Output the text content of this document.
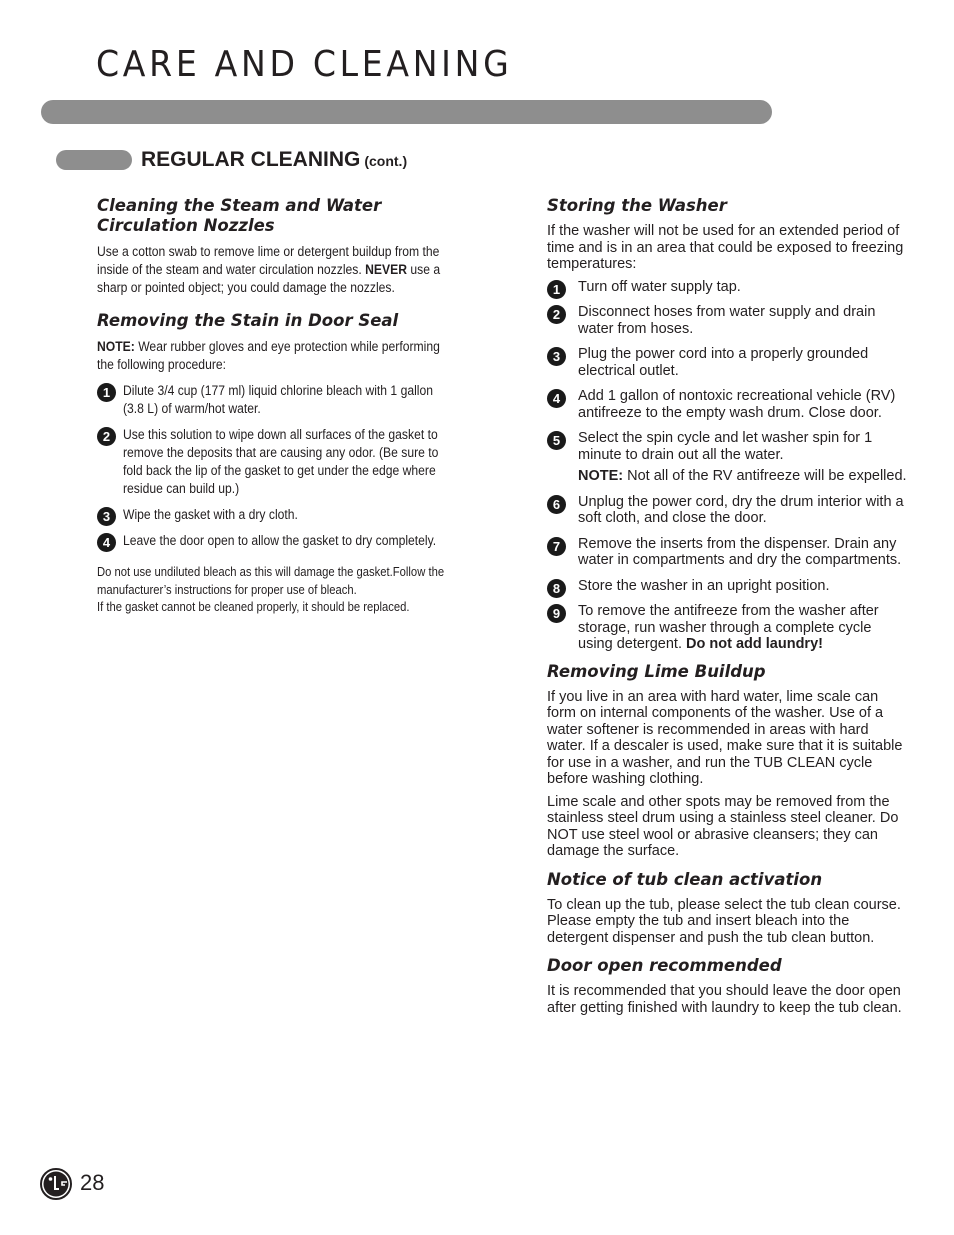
CARE AND CLEANING
REGULAR CLEANING (cont.)
Cleaning the Steam and Water
Circulation Nozzles

Use a cotton swab to remove lime or detergent buildup from the inside of the steam and water circulation nozzles. NEVER use a sharp or pointed object; you could damage the nozzles.

Removing the Stain in Door Seal

NOTE: Wear rubber gloves and eye protection while performing the following procedure:

1 Dilute 3/4 cup (177 ml) liquid chlorine bleach with 1 gallon (3.8 L) of warm/hot water.
2 Use this solution to wipe down all surfaces of the gasket to remove the deposits that are causing any odor. (Be sure to fold back the lip of the gasket to get under the edge where residue can build up.)
3 Wipe the gasket with a dry cloth.
4 Leave the door open to allow the gasket to dry completely.

Do not use undiluted bleach as this will damage the gasket.Follow the manufacturer’s instructions for proper use of bleach.

If the gasket cannot be cleaned properly, it should be replaced.

Storing the Washer

If the washer will not be used for an extended period of time and is in an area that could be exposed to freezing temperatures:

1	Turn off water supply tap.
2	Disconnect hoses from water supply and drain water from hoses.
3	Plug the power cord into a properly grounded electrical outlet.
4	Add 1 gallon of nontoxic recreational vehicle (RV) antifreeze to the empty wash drum. Close door.
5	Select the spin cycle and let washer spin for 1 minute to drain out all the water.
NOTE: Not all of the RV antifreeze will be expelled.
6	Unplug the power cord, dry the drum interior with a soft cloth, and close the door.
7	Remove the inserts from the dispenser. Drain any water in compartments and dry the compartments.
8	Store the washer in an upright position.
9	To remove the antifreeze from the washer after storage, run washer through a complete cycle using detergent. Do not add laundry!
Removing Lime Buildup

If you live in an area with hard water, lime scale can form on internal components of the washer. Use of a water softener is recommended in areas with hard water. If a descaler is used, make sure that it is suitable for use in a washer, and run the TUB CLEAN cycle before washing clothing.

Lime scale and other spots may be removed from the stainless steel drum using a stainless steel cleaner. Do NOT use steel wool or abrasive cleansers; they can damage the surface.

Notice of tub clean activation

To clean up the tub, please select the tub clean course. Please empty the tub and insert bleach into the detergent dispenser and push the tub clean button.

Door open recommended

It is recommended that you should leave the door open after getting finished with laundry to keep the tub clean.

LG
28
